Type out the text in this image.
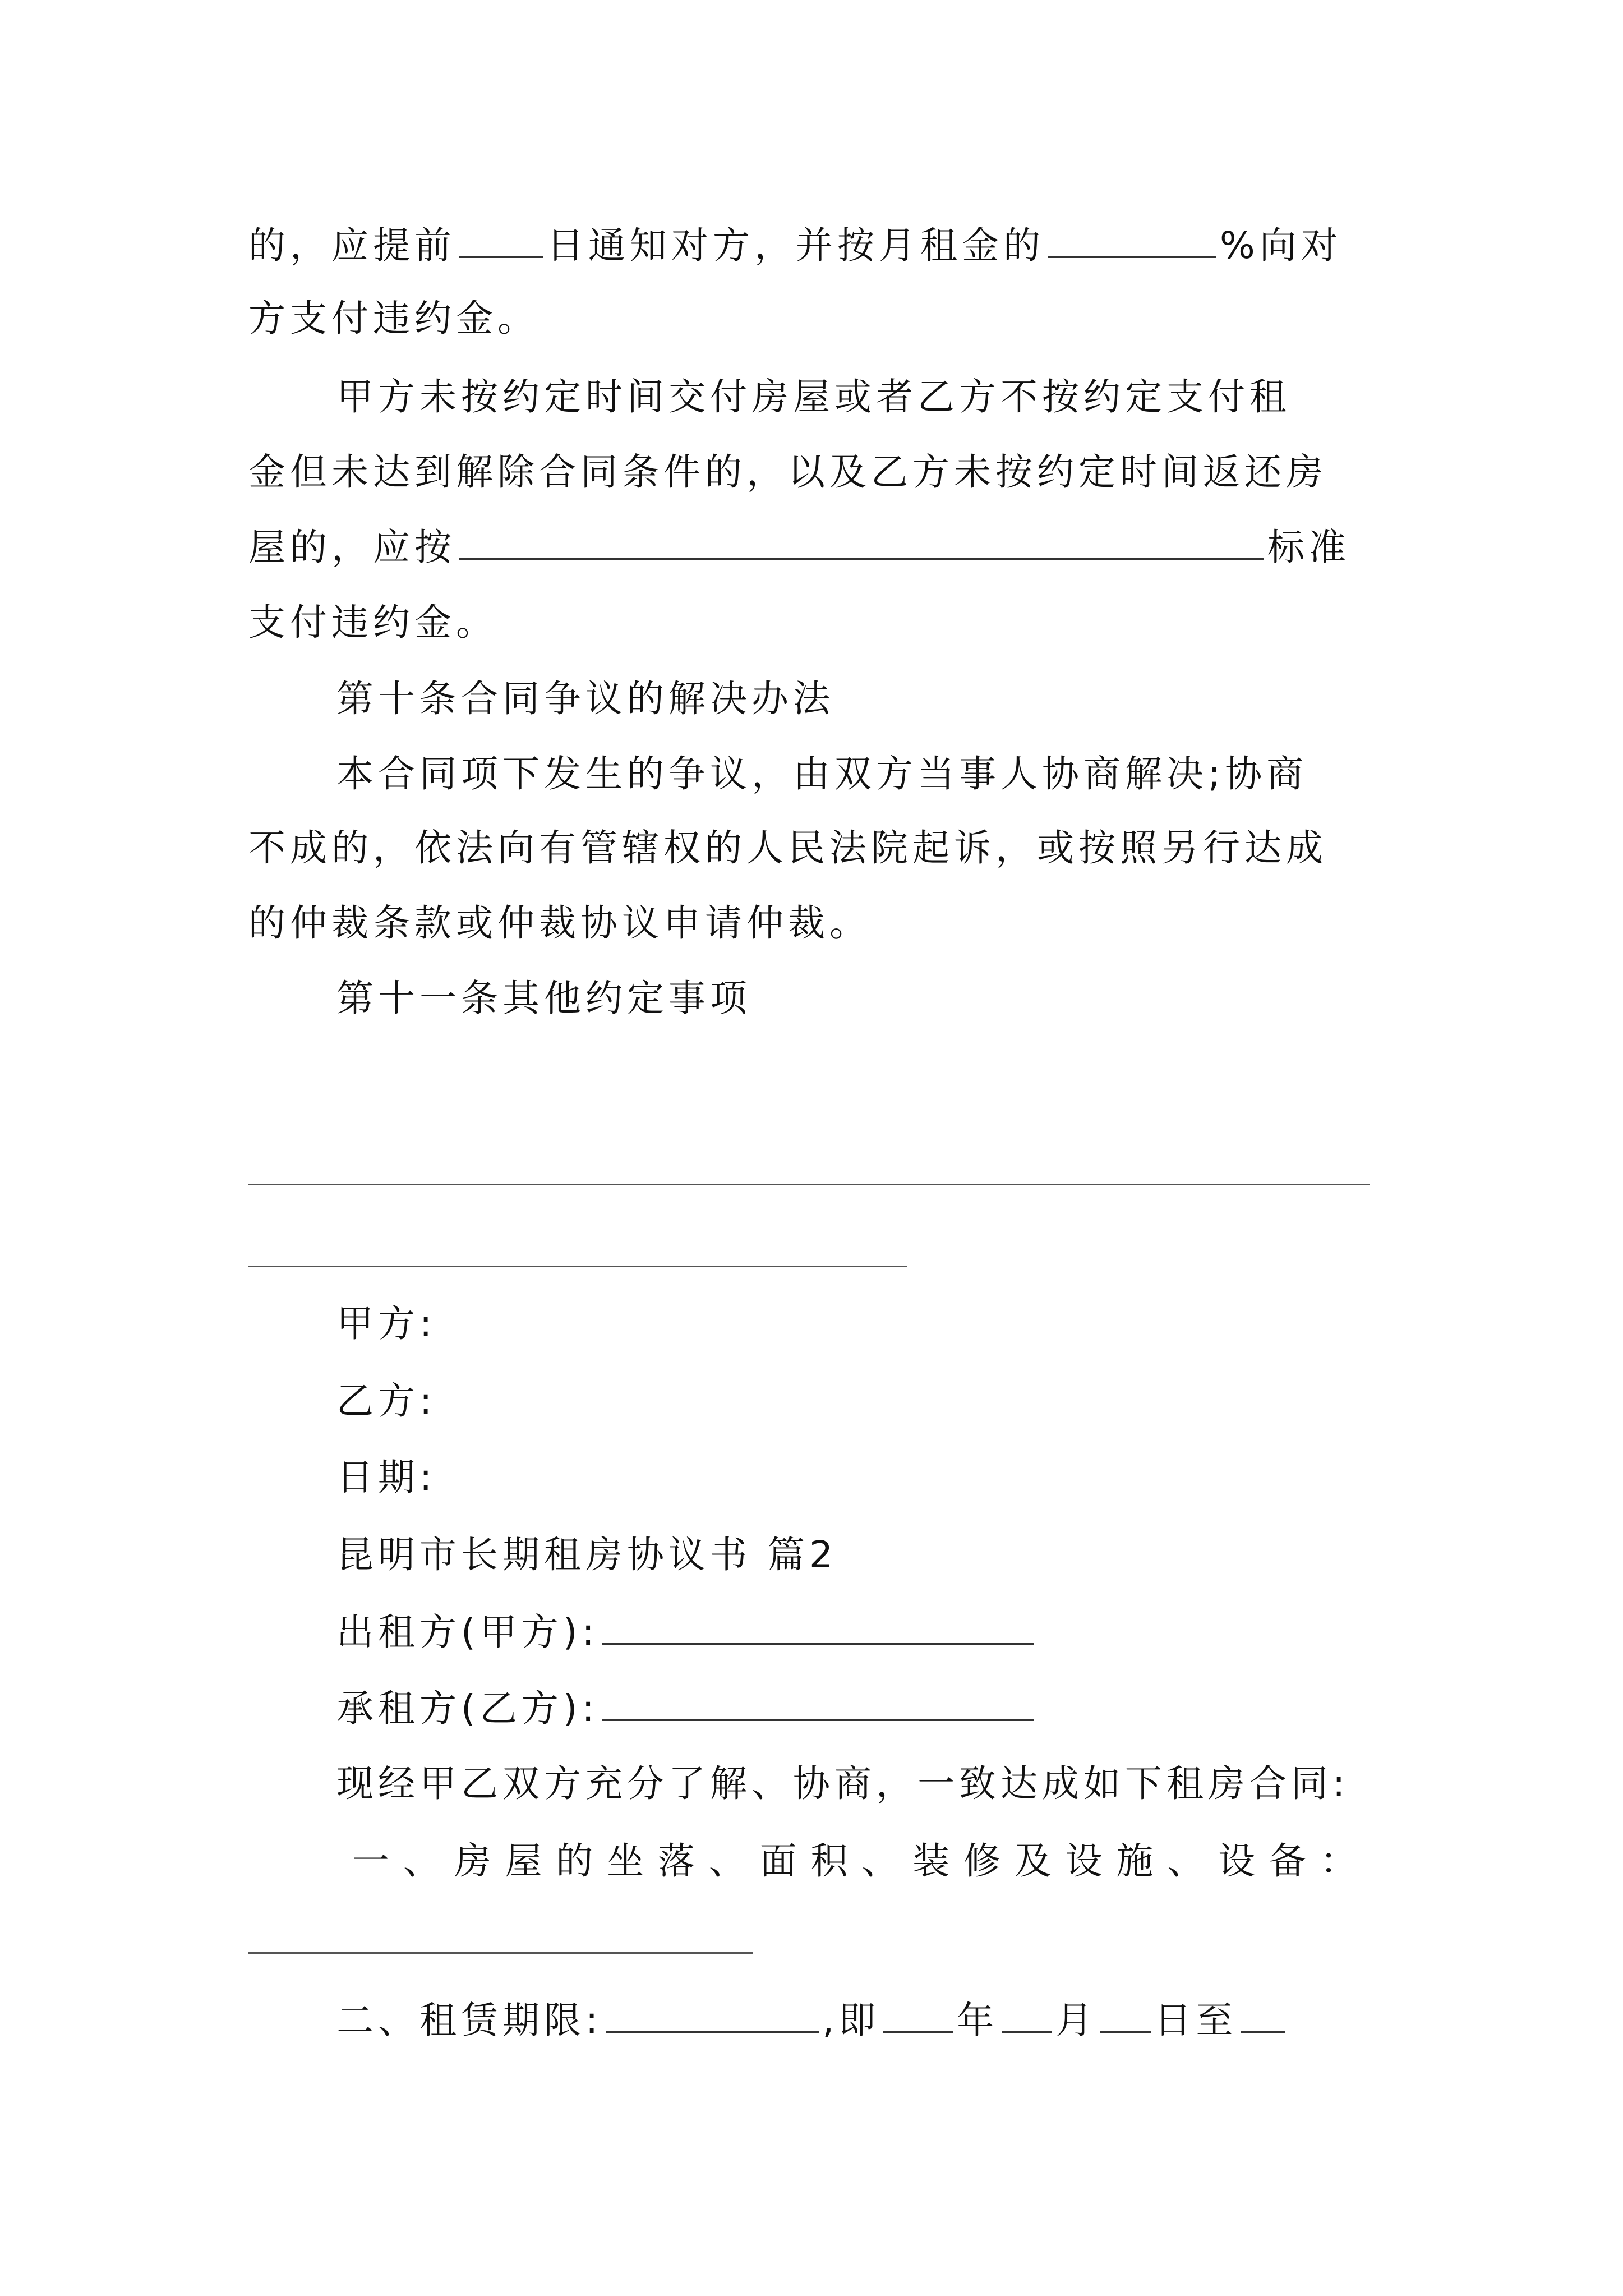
的，应提前 日通知对方，并按月租金的	%向对
方支付违约金。
甲方未按约定时间交付房屋或者乙方不按约定支付租
金但未达到解除合同条件的，以及乙方未按约定时间返还房
屋的，应按	标准
支付违约金。
第十条合同争议的解决办法
本合同项下发生的争议，由双方当事人协商解决;协商
不成的，依法向有管辖权的人民法院起诉，或按照另行达成
的仲裁条款或仲裁协议申请仲裁。
第十一条其他约定事项
甲方:
乙方:
日期:
昆明市长期租房协议书 篇2
出租方(甲方):
承租方(乙方):
现经甲乙双方充分了解、协商，一致达成如下租房合同:
一 、 房 屋 的 坐 落 、 面 积 、 装 修 及 设 施 、 设 备 ：
二、租赁期限:	,即 年 月 日至
